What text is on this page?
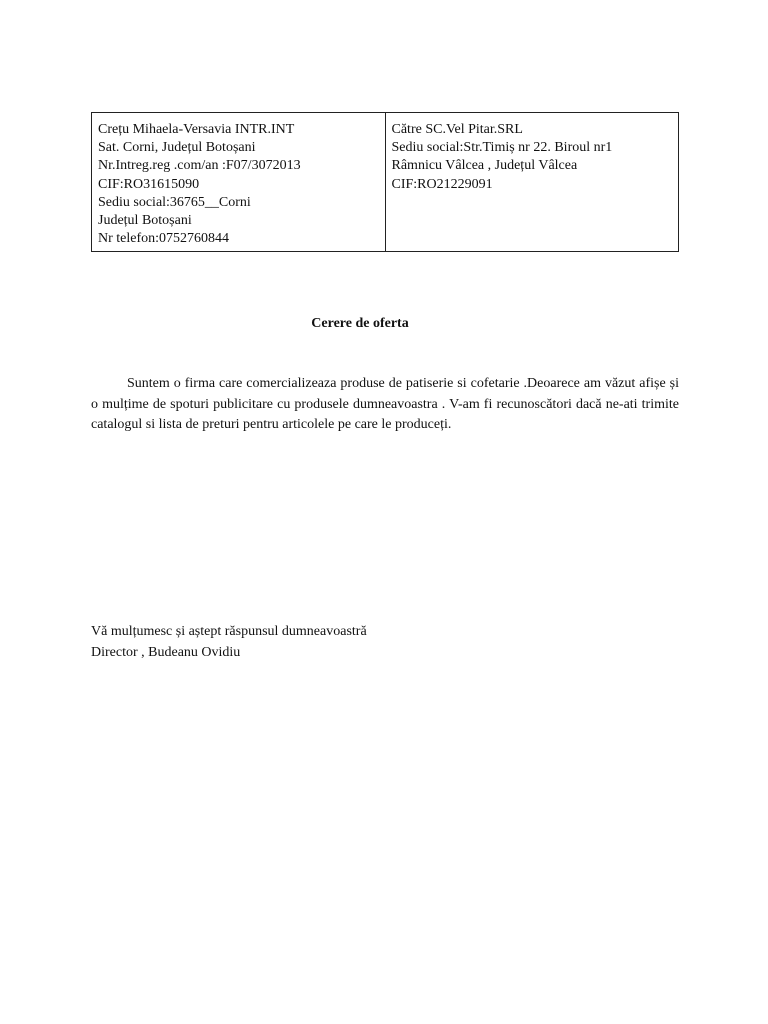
Crețu Mihaela-Versavia INTR.INT
Sat. Corni, Județul Botoșani
Nr.Intreg.reg .com/an :F07/3072013
CIF:RO31615090
Sediu social:36765__Corni
Județul Botoșani
Nr telefon:0752760844

Către SC.Vel Pitar.SRL
Sediu social:Str.Timiș nr 22. Biroul nr1
Râmnicu Vâlcea , Județul Vâlcea
CIF:RO21229091
Cerere de oferta

Suntem o firma care comercializeaza produse de patiserie si cofetarie .Deoarece am văzut afișe și o mulțime de spoturi publicitare cu produsele dumneavoastra . V-am fi recunoscători dacă ne-ati trimite catalogul si lista de preturi pentru articolele pe care le produceți.

Vă mulțumesc și aștept răspunsul dumneavoastră
Director , Budeanu Ovidiu
